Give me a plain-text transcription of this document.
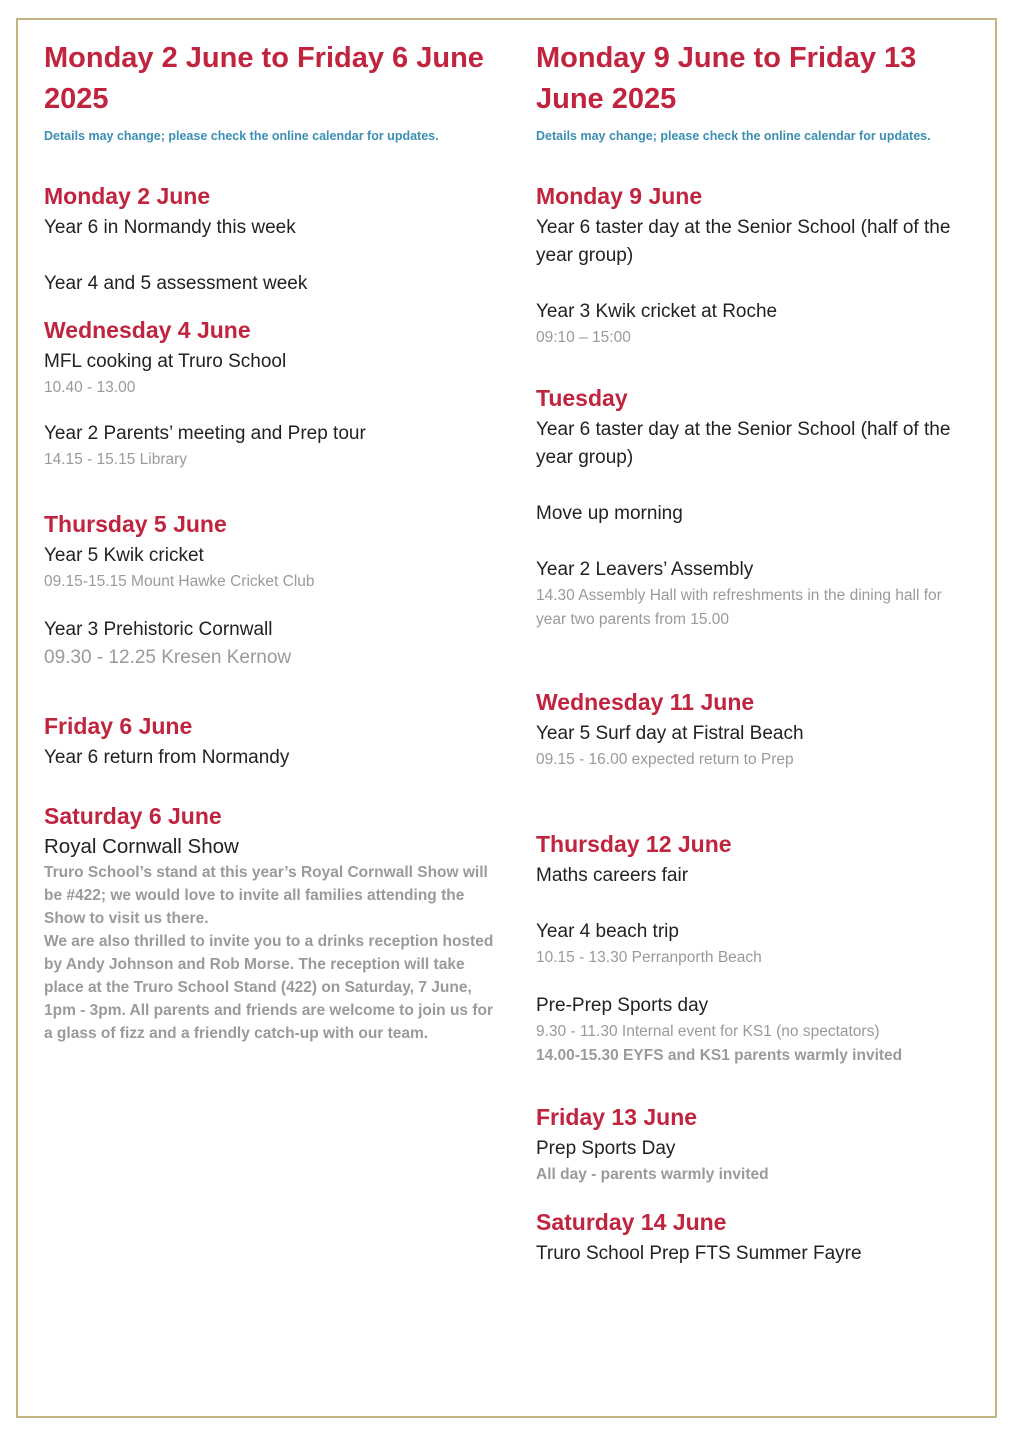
Monday 2 June to Friday 6 June 2025

Details may change; please check the online calendar for updates.

Monday 2 June
Year 6 in Normandy this week
Year 4 and 5 assessment week
Wednesday 4 June
MFL cooking at Truro School
10.40 - 13.00
Year 2 Parents’ meeting and Prep tour
14.15 - 15.15 Library
Thursday 5 June
Year 5 Kwik cricket
09.15-15.15 Mount Hawke Cricket Club
Year 3 Prehistoric Cornwall
09.30 - 12.25 Kresen Kernow
Friday 6 June
Year 6 return from Normandy
Saturday 6 June
Royal Cornwall Show
Truro School’s stand at this year’s Royal Cornwall Show will be #422; we would love to invite all families attending the Show to visit us there.
We are also thrilled to invite you to a drinks reception hosted by Andy Johnson and Rob Morse. The reception will take place at the Truro School Stand (422) on Saturday, 7 June, 1pm - 3pm. All parents and friends are welcome to join us for a glass of fizz and a friendly catch-up with our team.
Monday 9 June to Friday 13 June 2025

Details may change; please check the online calendar for updates.

Monday 9 June
Year 6 taster day at the Senior School (half of the year group)
Year 3 Kwik cricket at Roche
09:10 – 15:00
Tuesday
Year 6 taster day at the Senior School (half of the year group)
Move up morning
Year 2 Leavers’ Assembly
14.30 Assembly Hall with refreshments in the dining hall for year two parents from 15.00
Wednesday 11 June
Year 5 Surf day at Fistral Beach
09.15 - 16.00 expected return to Prep
Thursday 12 June
Maths careers fair
Year 4 beach trip
10.15 - 13.30 Perranporth Beach
Pre-Prep Sports day
9.30 - 11.30 Internal event for KS1 (no spectators)
14.00-15.30 EYFS and KS1 parents warmly invited
Friday 13 June
Prep Sports Day
All day - parents warmly invited
Saturday 14 June
Truro School Prep FTS Summer Fayre
